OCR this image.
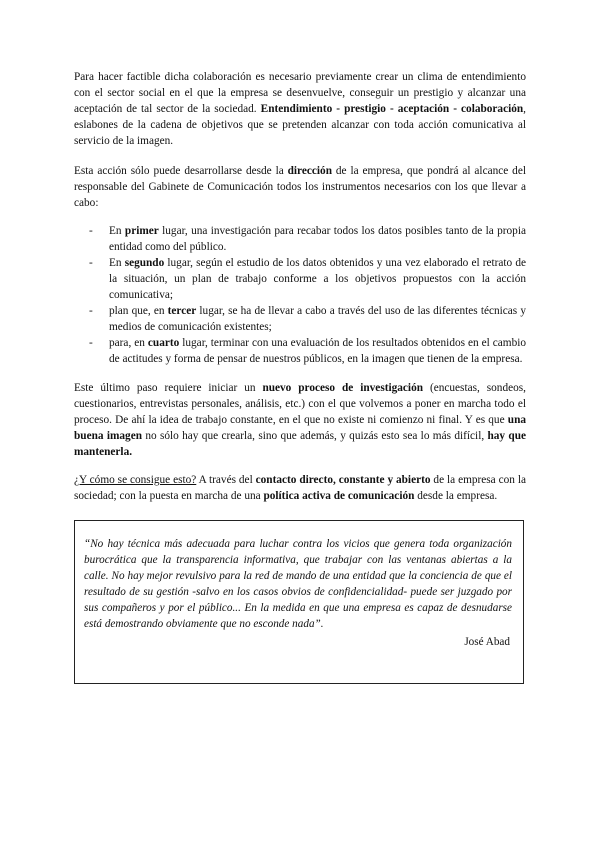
Para hacer factible dicha colaboración es necesario previamente crear un clima de entendimiento con el sector social en el que la empresa se desenvuelve, conseguir un prestigio y alcanzar una aceptación de tal sector de la sociedad. Entendimiento - prestigio - aceptación - colaboración, eslabones de la cadena de objetivos que se pretenden alcanzar con toda acción comunicativa al servicio de la imagen.

Esta acción sólo puede desarrollarse desde la dirección de la empresa, que pondrá al alcance del responsable del Gabinete de Comunicación todos los instrumentos necesarios con los que llevar a cabo:

- En primer lugar, una investigación para recabar todos los datos posibles tanto de la propia entidad como del público.
- En segundo lugar, según el estudio de los datos obtenidos y una vez elaborado el retrato de la situación, un plan de trabajo conforme a los objetivos propuestos con la acción comunicativa;
- plan que, en tercer lugar, se ha de llevar a cabo a través del uso de las diferentes técnicas y medios de comunicación existentes;
- para, en cuarto lugar, terminar con una evaluación de los resultados obtenidos en el cambio de actitudes y forma de pensar de nuestros públicos, en la imagen que tienen de la empresa.

Este último paso requiere iniciar un nuevo proceso de investigación (encuestas, sondeos, cuestionarios, entrevistas personales, análisis, etc.) con el que volvemos a poner en marcha todo el proceso. De ahí la idea de trabajo constante, en el que no existe ni comienzo ni final. Y es que una buena imagen no sólo hay que crearla, sino que además, y quizás esto sea lo más difícil, hay que mantenerla.

¿Y cómo se consigue esto? A través del contacto directo, constante y abierto de la empresa con la sociedad; con la puesta en marcha de una política activa de comunicación desde la empresa.

“No hay técnica más adecuada para luchar contra los vicios que genera toda organización burocrática que la transparencia informativa, que trabajar con las ventanas abiertas a la calle. No hay mejor revulsivo para la red de mando de una entidad que la conciencia de que el resultado de su gestión -salvo en los casos obvios de confidencialidad- puede ser juzgado por sus compañeros y por el público... En la medida en que una empresa es capaz de desnudarse está demostrando obviamente que no esconde nada”.
José Abad
